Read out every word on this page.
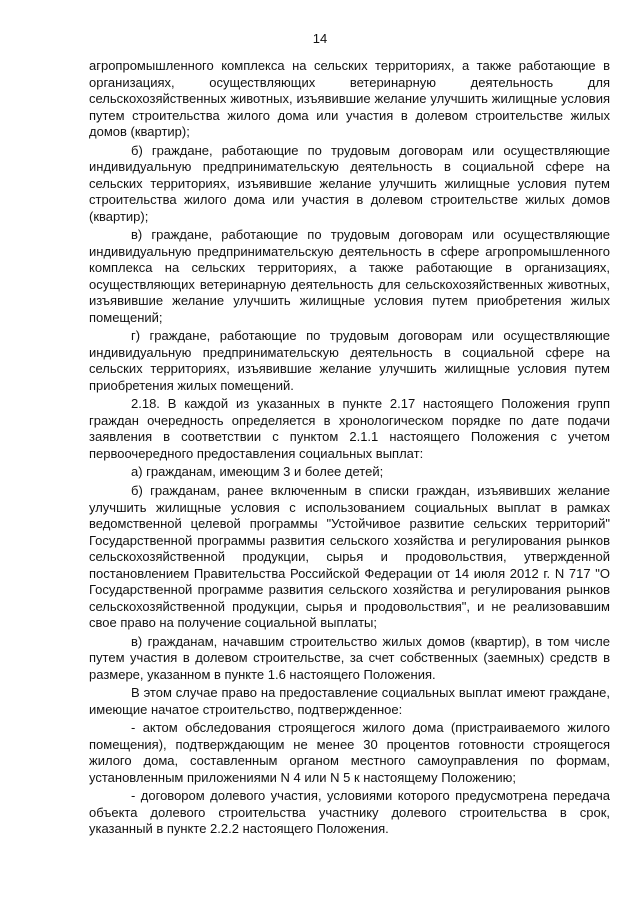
14

агропромышленного комплекса на сельских территориях, а также работающие в организациях, осуществляющих ветеринарную деятельность для сельскохозяйственных животных, изъявившие желание улучшить жилищные условия путем строительства жилого дома или участия в долевом строительстве жилых домов (квартир);

б) граждане, работающие по трудовым договорам или осуществляющие индивидуальную предпринимательскую деятельность в социальной сфере на сельских территориях, изъявившие желание улучшить жилищные условия путем строительства жилого дома или участия в долевом строительстве жилых домов (квартир);

в) граждане, работающие по трудовым договорам или осуществляющие индивидуальную предпринимательскую деятельность в сфере агропромышленного комплекса на сельских территориях, а также работающие в организациях, осуществляющих ветеринарную деятельность для сельскохозяйственных животных, изъявившие желание улучшить жилищные условия путем приобретения жилых помещений;

г) граждане, работающие по трудовым договорам или осуществляющие индивидуальную предпринимательскую деятельность в социальной сфере на сельских территориях, изъявившие желание улучшить жилищные условия путем приобретения жилых помещений.

2.18. В каждой из указанных в пункте 2.17 настоящего Положения групп граждан очередность определяется в хронологическом порядке по дате подачи заявления в соответствии с пунктом 2.1.1 настоящего Положения с учетом первоочередного предоставления социальных выплат:

а) гражданам, имеющим 3 и более детей;

б) гражданам, ранее включенным в списки граждан, изъявивших желание улучшить жилищные условия с использованием социальных выплат в рамках ведомственной целевой программы "Устойчивое развитие сельских территорий" Государственной программы развития сельского хозяйства и регулирования рынков сельскохозяйственной продукции, сырья и продовольствия, утвержденной постановлением Правительства Российской Федерации от 14 июля 2012 г. N 717 "О Государственной программе развития сельского хозяйства и регулирования рынков сельскохозяйственной продукции, сырья и продовольствия", и не реализовавшим свое право на получение социальной выплаты;

в) гражданам, начавшим строительство жилых домов (квартир), в том числе путем участия в долевом строительстве, за счет собственных (заемных) средств в размере, указанном в пункте 1.6 настоящего Положения.

В этом случае право на предоставление социальных выплат имеют граждане, имеющие начатое строительство, подтвержденное:

- актом обследования строящегося жилого дома (пристраиваемого жилого помещения), подтверждающим не менее 30 процентов готовности строящегося жилого дома, составленным органом местного самоуправления по формам, установленным приложениями N 4 или N 5 к настоящему Положению;

- договором долевого участия, условиями которого предусмотрена передача объекта долевого строительства участнику долевого строительства в срок, указанный в пункте 2.2.2 настоящего Положения.
